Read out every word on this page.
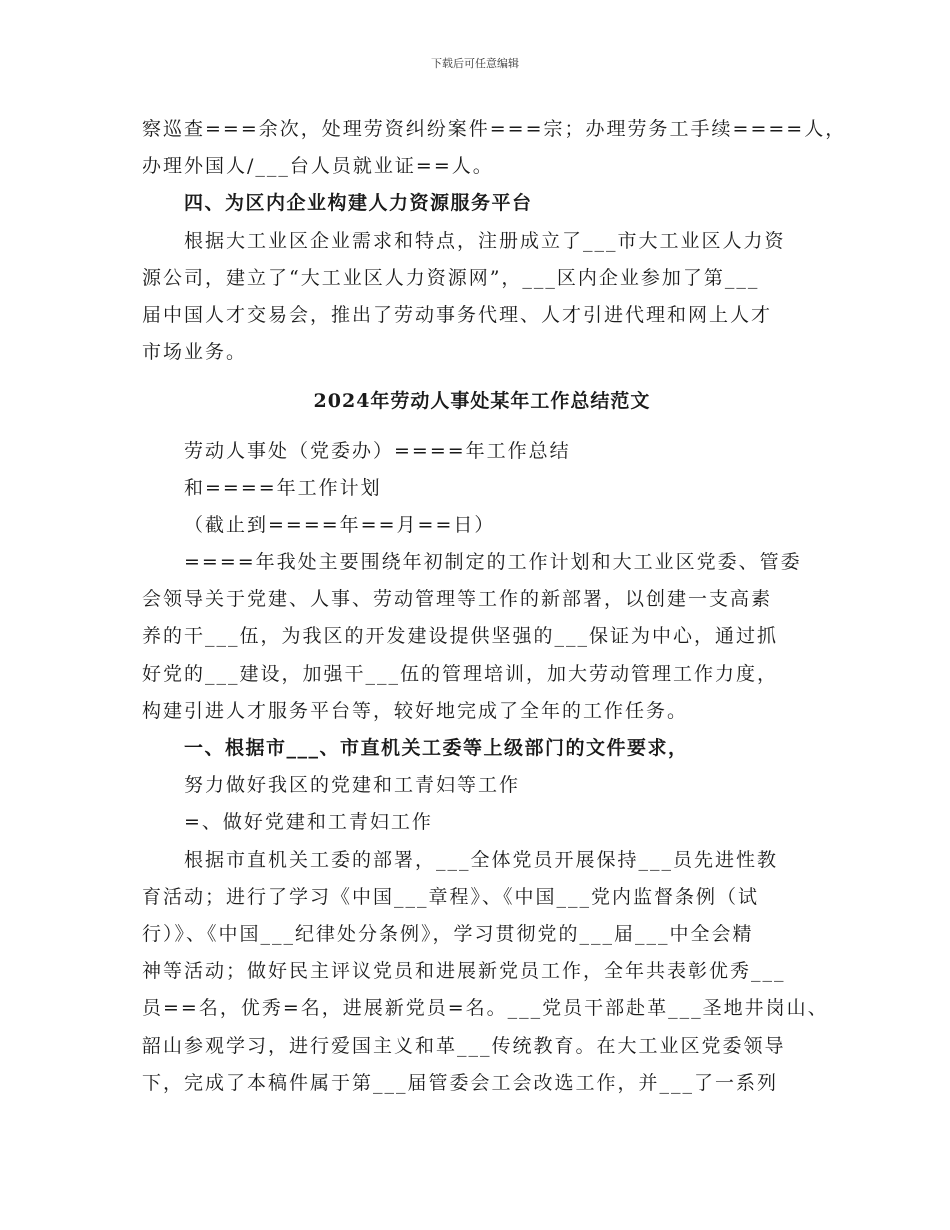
下载后可任意编辑
察巡查===余次，处理劳资纠纷案件===宗；办理劳务工手续====人，
办理外国人/___台人员就业证==人。
四、为区内企业构建人力资源服务平台
根据大工业区企业需求和特点，注册成立了___市大工业区人力资
源公司，建立了“大工业区人力资源网”，___区内企业参加了第___
届中国人才交易会，推出了劳动事务代理、人才引进代理和网上人才
市场业务。
2024年劳动人事处某年工作总结范文
劳动人事处（党委办）====年工作总结
和====年工作计划
（截止到====年==月==日）
====年我处主要围绕年初制定的工作计划和大工业区党委、管委
会领导关于党建、人事、劳动管理等工作的新部署，以创建一支高素
养的干___伍，为我区的开发建设提供坚强的___保证为中心，通过抓
好党的___建设，加强干___伍的管理培训，加大劳动管理工作力度，
构建引进人才服务平台等，较好地完成了全年的工作任务。
一、根据市___、市直机关工委等上级部门的文件要求，
努力做好我区的党建和工青妇等工作
=、做好党建和工青妇工作
根据市直机关工委的部署，___全体党员开展保持___员先进性教
育活动；进行了学习《中国___章程》、《中国___党内监督条例（试
行）》、《中国___纪律处分条例》，学习贯彻党的___届___中全会精
神等活动；做好民主评议党员和进展新党员工作，全年共表彰优秀___
员==名，优秀=名，进展新党员=名。___党员干部赴革___圣地井岗山、
韶山参观学习，进行爱国主义和革___传统教育。在大工业区党委领导
下，完成了本稿件属于第___届管委会工会改选工作，并___了一系列
